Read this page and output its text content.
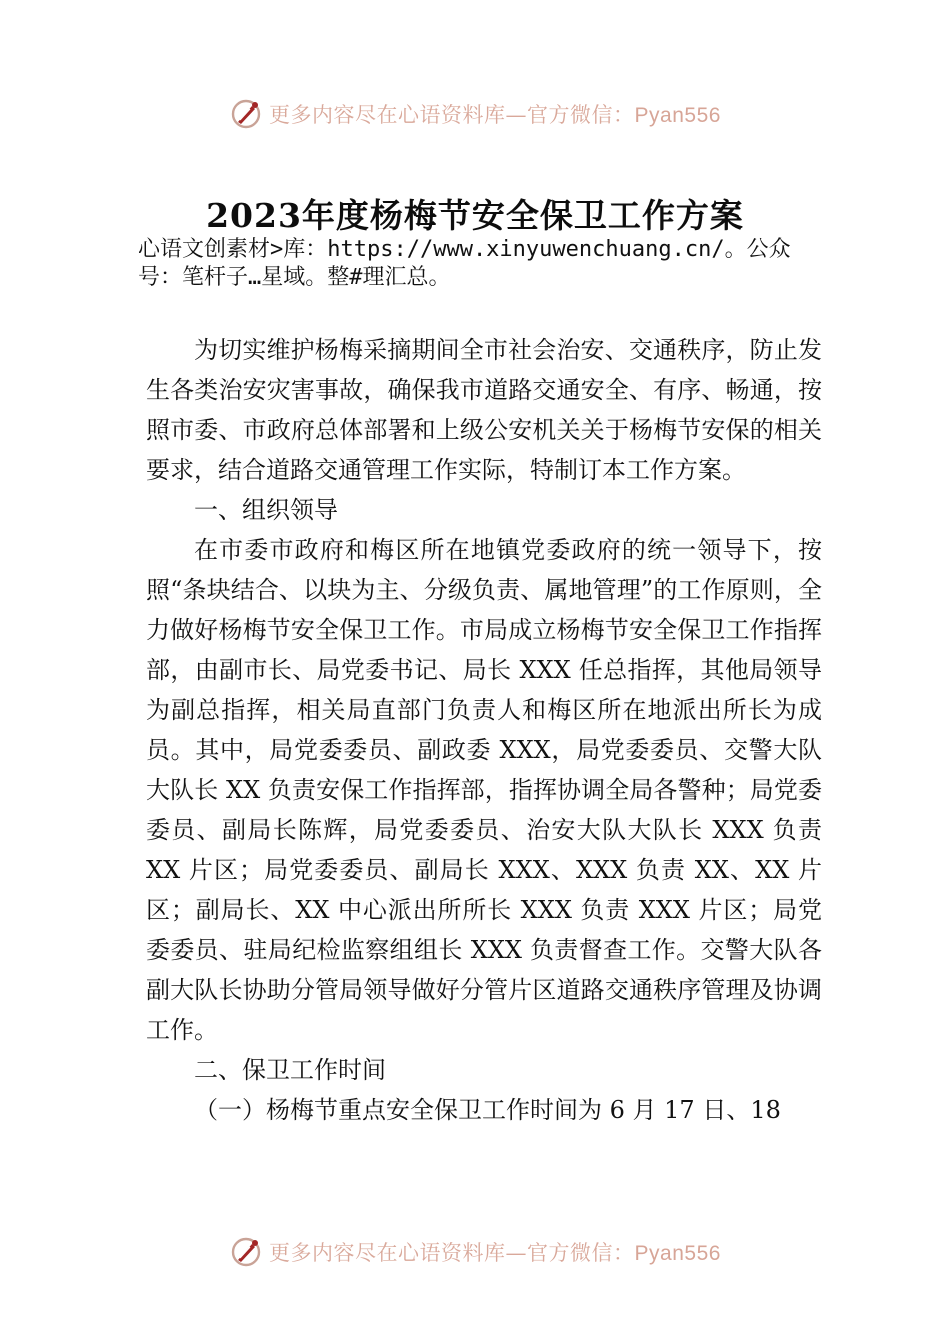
更多内容尽在心语资料库—官方微信：Pyan556
2023年度杨梅节安全保卫工作方案
心语文创素材>库：https://www.xinyuwenchuang.cn/。公众号：笔杆子…星域。整#理汇总。

为切实维护杨梅采摘期间全市社会治安、交通秩序，防止发生各类治安灾害事故，确保我市道路交通安全、有序、畅通，按照市委、市政府总体部署和上级公安机关关于杨梅节安保的相关要求，结合道路交通管理工作实际，特制订本工作方案。

一、组织领导

在市委市政府和梅区所在地镇党委政府的统一领导下，按照“条块结合、以块为主、分级负责、属地管理”的工作原则，全力做好杨梅节安全保卫工作。市局成立杨梅节安全保卫工作指挥部，由副市长、局党委书记、局长 XXX 任总指挥，其他局领导为副总指挥，相关局直部门负责人和梅区所在地派出所长为成员。其中，局党委委员、副政委 XXX，局党委委员、交警大队大队长 XX 负责安保工作指挥部，指挥协调全局各警种；局党委委员、副局长陈辉，局党委委员、治安大队大队长 XXX 负责 XX 片区；局党委委员、副局长 XXX、XXX 负责 XX、XX 片区；副局长、XX 中心派出所所长 XXX 负责 XXX 片区；局党委委员、驻局纪检监察组组长 XXX 负责督查工作。交警大队各副大队长协助分管局领导做好分管片区道路交通秩序管理及协调工作。

二、保卫工作时间

（一）杨梅节重点安全保卫工作时间为 6 月 17 日、18

更多内容尽在心语资料库—官方微信：Pyan556
